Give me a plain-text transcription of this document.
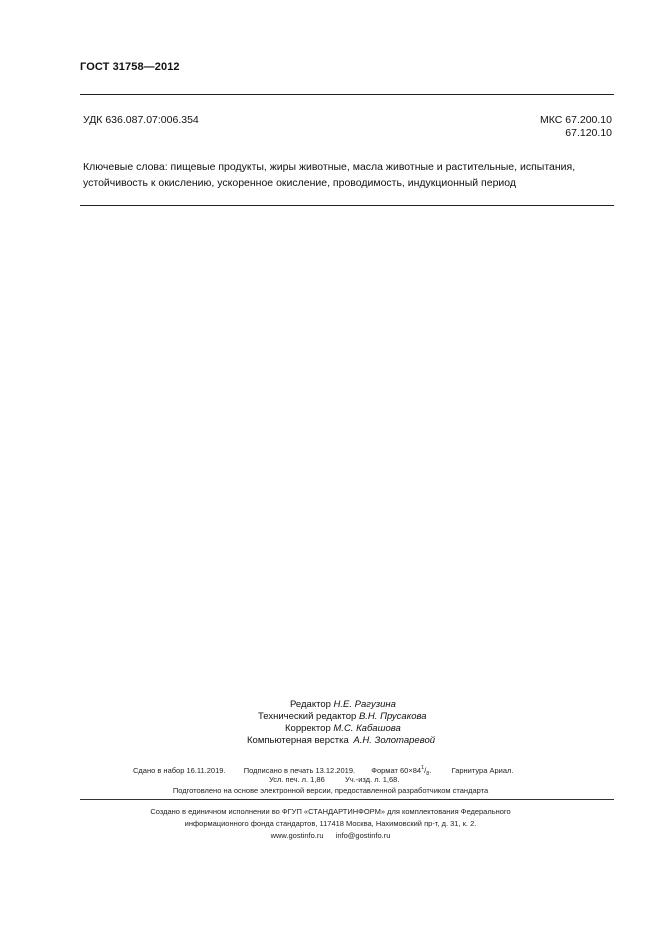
ГОСТ 31758—2012
УДК 636.087.07:006.354	МКС 67.200.10
67.120.10
Ключевые слова: пищевые продукты, жиры животные, масла животные и растительные, испытания,
устойчивость к окислению, ускоренное окисление, проводимость, индукционный период
Редактор Н.Е. Рагузина
Технический редактор В.Н. Прусакова
Корректор М.С. Кабашова
Компьютерная верстка А.Н. Золотаревой
Сдано в набор 16.11.2019. Подписано в печать 13.12.2019. Формат $60\times 84^1/_8$.	Гарнитура Ариал.
Усл. печ. л. 1,86	Уч.-изд. л. 1,68.
Подготовлено на основе электронной версии, предоставленной разработчиком стандарта
Создано в единичном исполнении во ФГУП «СТАНДАРТИНФОРМ» для комплектования Федерального
информационного фонда стандартов, 117418 Москва, Нахимовский пр-т, д. 31, к. 2.
www.gostinfo.ru info@gostinfo.ru
